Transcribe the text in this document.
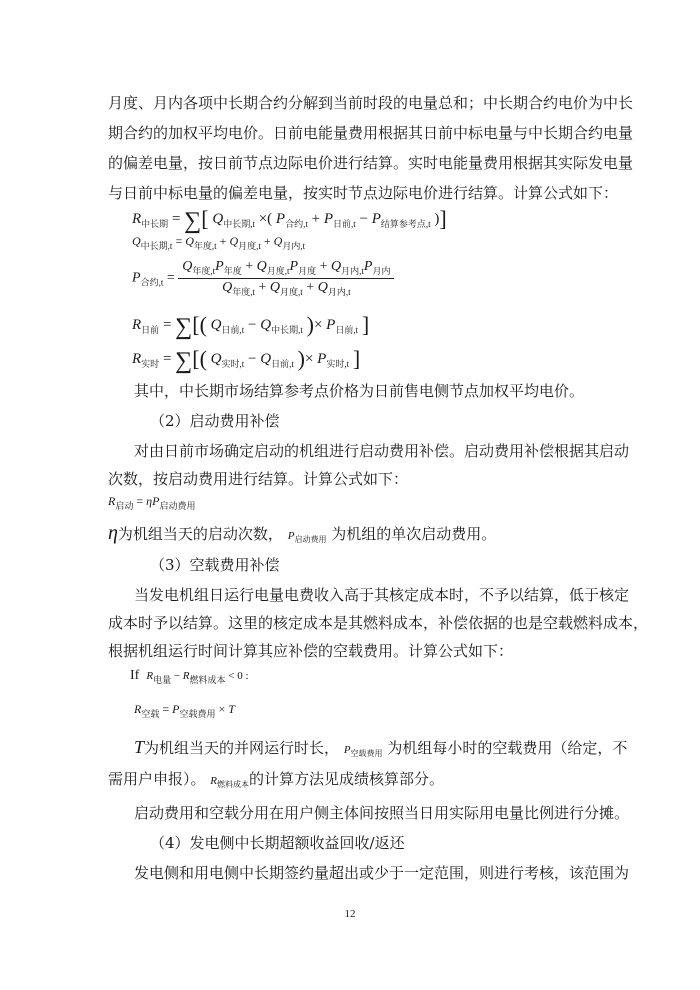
月度、月内各项中长期合约分解到当前时段的电量总和；中长期合约电价为中长

期合约的加权平均电价。日前电能量费用根据其日前中标电量与中长期合约电量

的偏差电量，按日前节点边际电价进行结算。实时电能量费用根据其实际发电量

与日前中标电量的偏差电量，按实时节点边际电价进行结算。计算公式如下：

$R_{中长期}$ = ∑[ $Q_{中长期,t}$ ×( $P_{合约,t} + P_{日前,t} - P_{结算参考点,t}$ )]
$Q_{中长期,t} = Q_{年度,t} + Q_{月度,t} + Q_{月内,t}$
$P_{合约,t}$ =
$Q_{年度,t}P_{年度} + Q_{月度,t}P_{月度} + Q_{月内,t}P_{月内}$
$Q_{年度,t} + Q_{月度,t} + Q_{月内,t}$
$R_{日前}$ = ∑[( $Q_{日前,t} - Q_{中长期,t}$ )× $P_{日前,t}$ ]
$R_{实时}$ = ∑[( $Q_{实时,t} - Q_{日前,t}$ )× $P_{实时,t}$ ]

其中，中长期市场结算参考点价格为日前售电侧节点加权平均电价。

（2）启动费用补偿

对由日前市场确定启动的机组进行启动费用补偿。启动费用补偿根据其启动

次数，按启动费用进行结算。计算公式如下：

$R_{启动} = \eta P_{启动费用}$
η为机组当天的启动次数， $P_{启动费用}$ 为机组的单次启动费用。

（3）空载费用补偿

当发电机组日运行电量电费收入高于其核定成本时，不予以结算，低于核定

成本时予以结算。这里的核定成本是其燃料成本，补偿依据的也是空载燃料成本，

根据机组运行时间计算其应补偿的空载费用。计算公式如下：

If $R_{电量} - R_{燃料成本} < 0$ :
$R_{空载} = P_{空载费用} \times T$
T为机组当天的并网运行时长， $P_{空载费用}$ 为机组每小时的空载费用（给定，不
需用户申报）。 $R_{燃料成本}$的计算方法见成绩核算部分。

启动费用和空载分用在用户侧主体间按照当日用实际用电量比例进行分摊。

（4）发电侧中长期超额收益回收/返还

发电侧和用电侧中长期签约量超出或少于一定范围，则进行考核，该范围为

12
